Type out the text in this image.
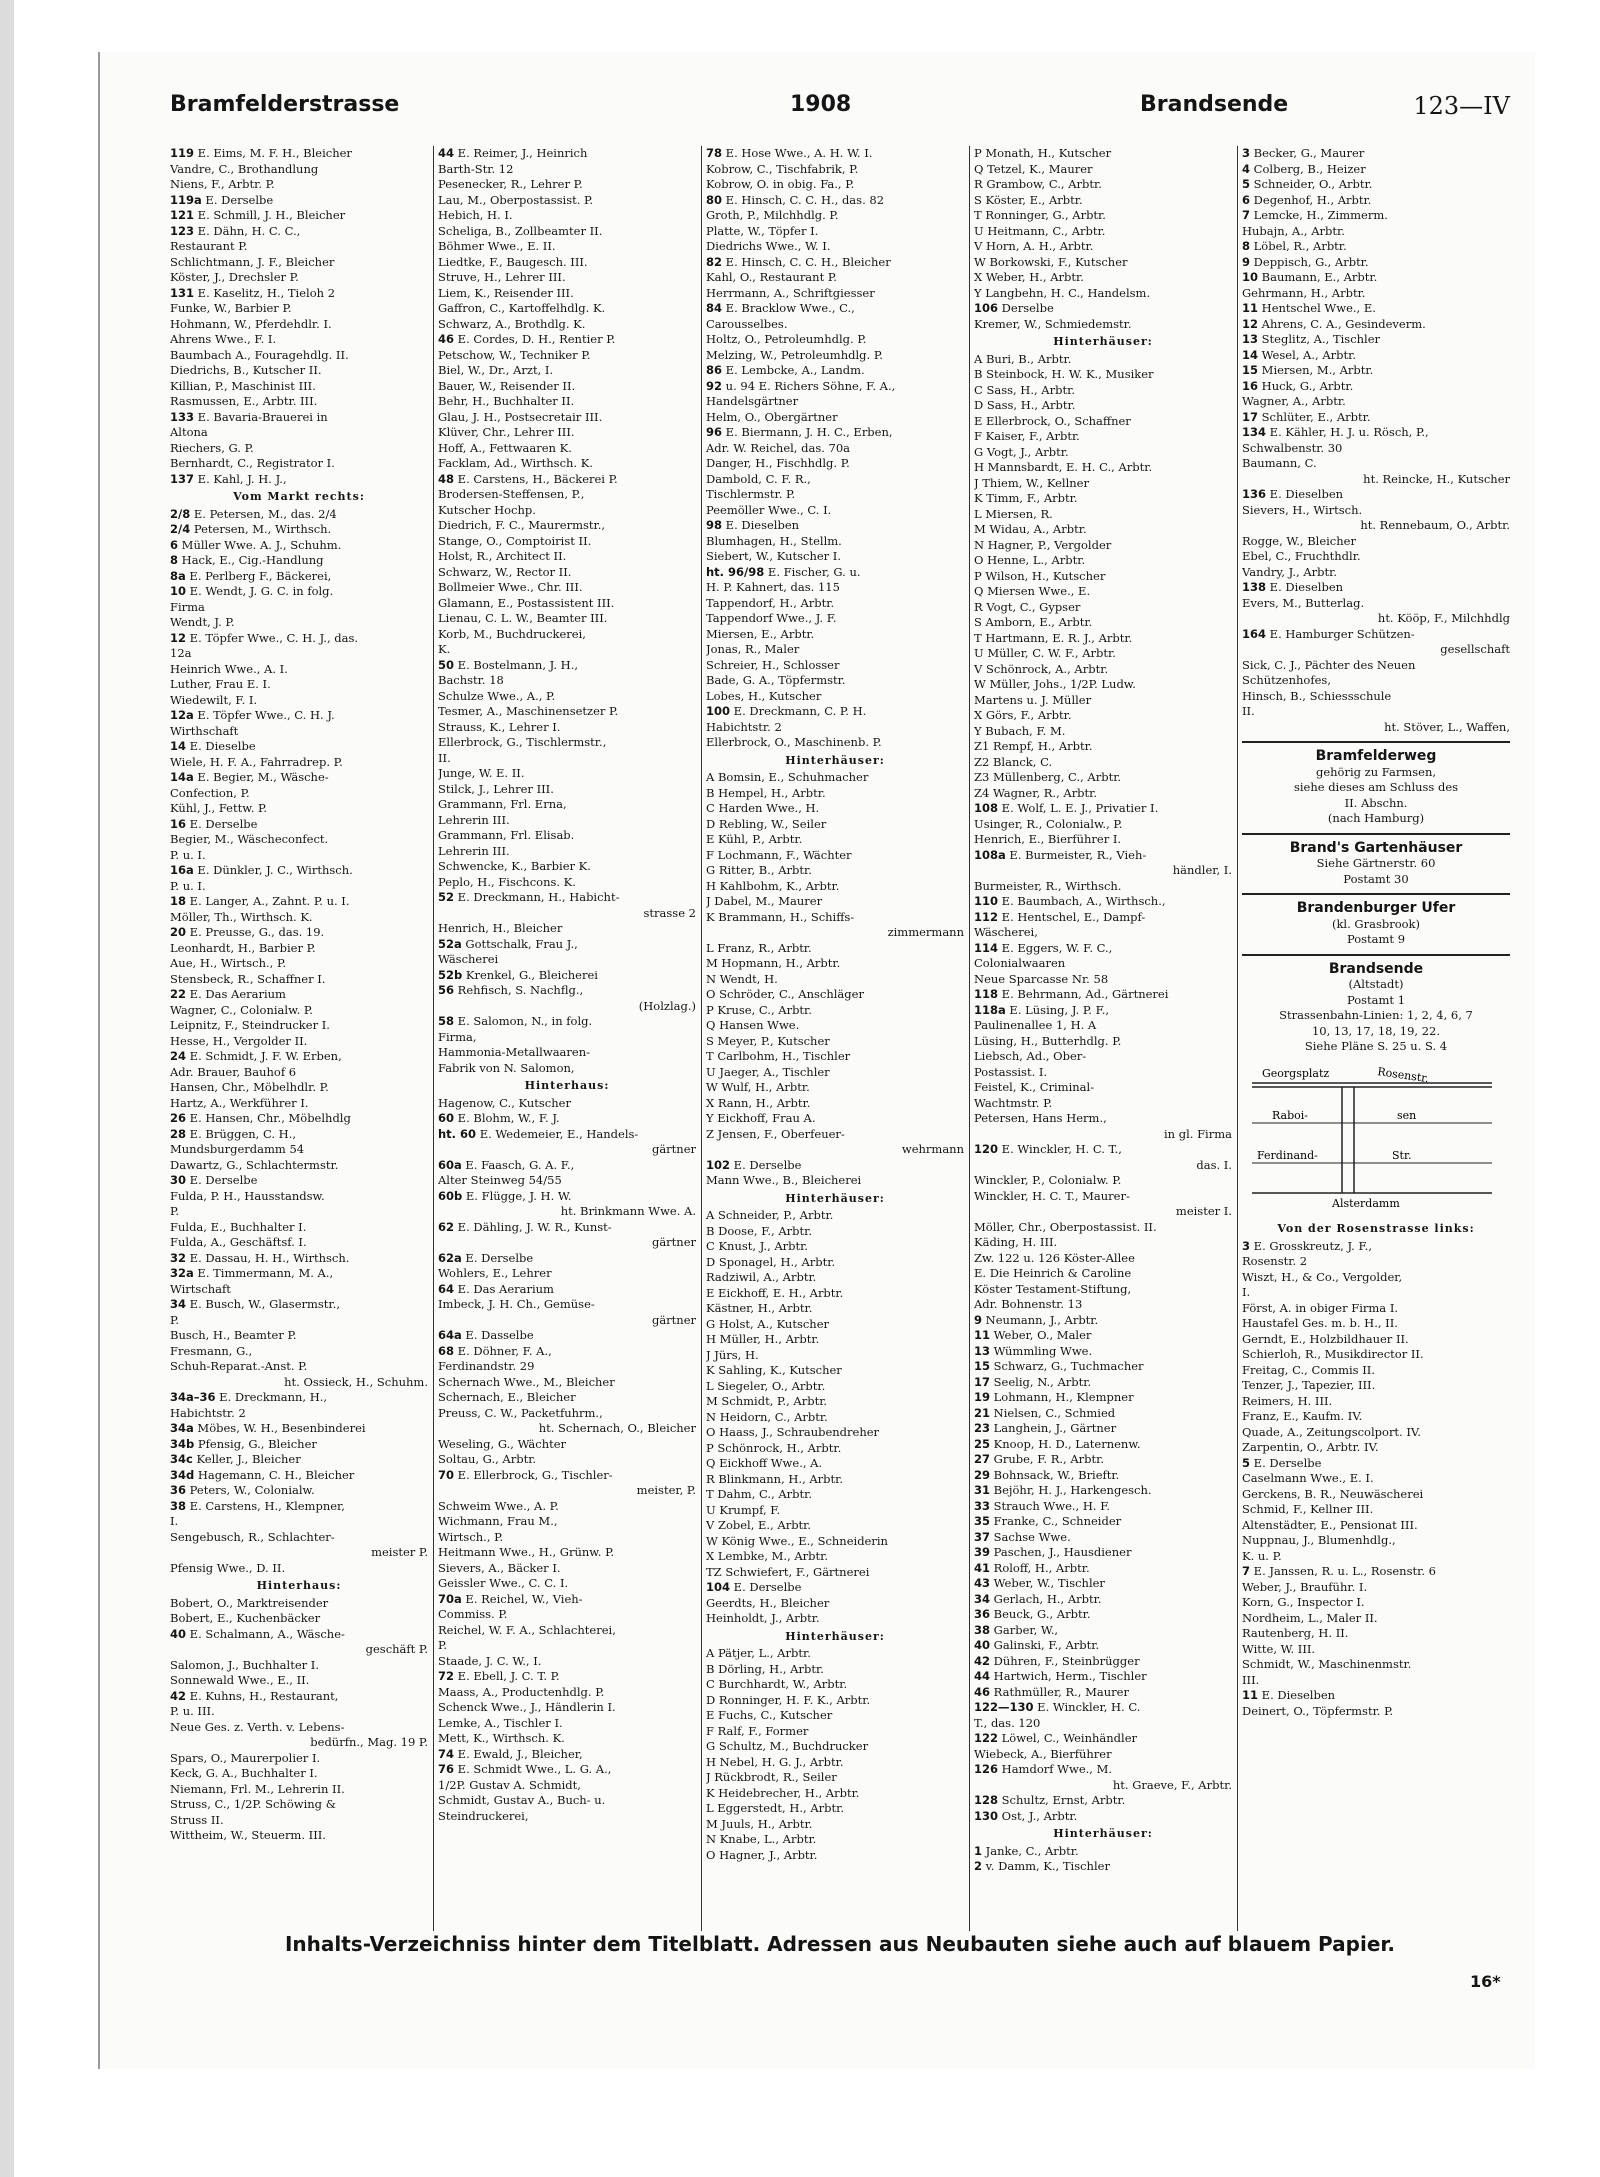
Bramfelderstrasse	1908	Brandsende	123—IV
119 E. Eims, M. F. H., Bleicher
Vandre, C., Brothandlung
Niens, F., Arbtr. P.
119a E. Derselbe
121 E. Schmill, J. H., Bleicher
123 E. Dähn, H. C. C.,
Restaurant P.
Schlichtmann, J. F., Bleicher
Köster, J., Drechsler P.
131 E. Kaselitz, H., Tieloh 2
Funke, W., Barbier P.
Hohmann, W., Pferdehdlr. I.
Ahrens Wwe., F. I.
Baumbach A., Fouragehdlg. II.
Diedrichs, B., Kutscher II.
Killian, P., Maschinist III.
Rasmussen, E., Arbtr. III.
133 E. Bavaria-Brauerei in
Altona
Riechers, G. P.
Bernhardt, C., Registrator I.
137 E. Kahl, J. H. J.,
Vom Markt rechts:
2/8 E. Petersen, M., das. 2/4
2/4 Petersen, M., Wirthsch.
6 Müller Wwe. A. J., Schuhm.
8 Hack, E., Cig.-Handlung
8a E. Perlberg F., Bäckerei,
10 E. Wendt, J. G. C. in folg.
Firma
Wendt, J. P.
12 E. Töpfer Wwe., C. H. J., das.
12a
Heinrich Wwe., A. I.
Luther, Frau E. I.
Wiedewilt, F. I.
12a E. Töpfer Wwe., C. H. J.
Wirthschaft
14 E. Dieselbe
Wiele, H. F. A., Fahrradrep. P.
14a E. Begier, M., Wäsche-
Confection, P.
Kühl, J., Fettw. P.
16 E. Derselbe
Begier, M., Wäscheconfect.
P. u. I.
16a E. Dünkler, J. C., Wirthsch.
P. u. I.
18 E. Langer, A., Zahnt. P. u. I.
Möller, Th., Wirthsch. K.
20 E. Preusse, G., das. 19.
Leonhardt, H., Barbier P.
Aue, H., Wirtsch., P.
Stensbeck, R., Schaffner I.
22 E. Das Aerarium
Wagner, C., Colonialw. P.
Leipnitz, F., Steindrucker I.
Hesse, H., Vergolder II.
24 E. Schmidt, J. F. W. Erben,
Adr. Brauer, Bauhof 6
Hansen, Chr., Möbelhdlr. P.
Hartz, A., Werkführer I.
26 E. Hansen, Chr., Möbelhdlg
28 E. Brüggen, C. H.,
Mundsburgerdamm 54
Dawartz, G., Schlachtermstr.
30 E. Derselbe
Fulda, P. H., Hausstandsw.
P.
Fulda, E., Buchhalter I.
Fulda, A., Geschäftsf. I.
32 E. Dassau, H. H., Wirthsch.
32a E. Timmermann, M. A.,
Wirtschaft
34 E. Busch, W., Glasermstr.,
P.
Busch, H., Beamter P.
Fresmann, G.,
Schuh-Reparat.-Anst. P.
ht. Ossieck, H., Schuhm.
34a–36 E. Dreckmann, H.,
Habichtstr. 2
34a Möbes, W. H., Besenbinderei
34b Pfensig, G., Bleicher
34c Keller, J., Bleicher
34d Hagemann, C. H., Bleicher
36 Peters, W., Colonialw.
38 E. Carstens, H., Klempner,
I.
Sengebusch, R., Schlachter-
meister P.
Pfensig Wwe., D. II.
Hinterhaus:
Bobert, O., Marktreisender
Bobert, E., Kuchenbäcker
40 E. Schalmann, A., Wäsche-
geschäft P.
Salomon, J., Buchhalter I.
Sonnewald Wwe., E., II.
42 E. Kuhns, H., Restaurant,
P. u. III.
Neue Ges. z. Verth. v. Lebens-
bedürfn., Mag. 19 P.
Spars, O., Maurerpolier I.
Keck, G. A., Buchhalter I.
Niemann, Frl. M., Lehrerin II.
Struss, C., 1/2P. Schöwing &
Struss II.
Wittheim, W., Steuerm. III.
44 E. Reimer, J., Heinrich
Barth-Str. 12
Pesenecker, R., Lehrer P.
Lau, M., Oberpostassist. P.
Hebich, H. I.
Scheliga, B., Zollbeamter II.
Böhmer Wwe., E. II.
Liedtke, F., Baugesch. III.
Struve, H., Lehrer III.
Liem, K., Reisender III.
Gaffron, C., Kartoffelhdlg. K.
Schwarz, A., Brothdlg. K.
46 E. Cordes, D. H., Rentier P.
Petschow, W., Techniker P.
Biel, W., Dr., Arzt, I.
Bauer, W., Reisender II.
Behr, H., Buchhalter II.
Glau, J. H., Postsecretair III.
Klüver, Chr., Lehrer III.
Hoff, A., Fettwaaren K.
Facklam, Ad., Wirthsch. K.
48 E. Carstens, H., Bäckerei P.
Brodersen-Steffensen, P.,
Kutscher Hochp.
Diedrich, F. C., Maurermstr.,
Stange, O., Comptoirist II.
Holst, R., Architect II.
Schwarz, W., Rector II.
Bollmeier Wwe., Chr. III.
Glamann, E., Postassistent III.
Lienau, C. L. W., Beamter III.
Korb, M., Buchdruckerei,
K.
50 E. Bostelmann, J. H.,
Bachstr. 18
Schulze Wwe., A., P.
Tesmer, A., Maschinensetzer P.
Strauss, K., Lehrer I.
Ellerbrock, G., Tischlermstr.,
II.
Junge, W. E. II.
Stilck, J., Lehrer III.
Grammann, Frl. Erna,
Lehrerin III.
Grammann, Frl. Elisab.
Lehrerin III.
Schwencke, K., Barbier K.
Peplo, H., Fischcons. K.
52 E. Dreckmann, H., Habicht-
strasse 2
Henrich, H., Bleicher
52a Gottschalk, Frau J.,
Wäscherei
52b Krenkel, G., Bleicherei
56 Rehfisch, S. Nachflg.,
(Holzlag.)
58 E. Salomon, N., in folg.
Firma,
Hammonia-Metallwaaren-
Fabrik von N. Salomon,
Hinterhaus:
Hagenow, C., Kutscher
60 E. Blohm, W., F. J.
ht. 60 E. Wedemeier, E., Handels-
gärtner
60a E. Faasch, G. A. F.,
Alter Steinweg 54/55
60b E. Flügge, J. H. W.
ht. Brinkmann Wwe. A.
62 E. Dähling, J. W. R., Kunst-
gärtner
62a E. Derselbe
Wohlers, E., Lehrer
64 E. Das Aerarium
Imbeck, J. H. Ch., Gemüse-
gärtner
64a E. Dasselbe
68 E. Döhner, F. A.,
Ferdinandstr. 29
Schernach Wwe., M., Bleicher
Schernach, E., Bleicher
Preuss, C. W., Packetfuhrm.,
ht. Schernach, O., Bleicher
Weseling, G., Wächter
Soltau, G., Arbtr.
70 E. Ellerbrock, G., Tischler-
meister, P.
Schweim Wwe., A. P.
Wichmann, Frau M.,
Wirtsch., P.
Heitmann Wwe., H., Grünw. P.
Sievers, A., Bäcker I.
Geissler Wwe., C. C. I.
70a E. Reichel, W., Vieh-
Commiss. P.
Reichel, W. F. A., Schlachterei,
P.
Staade, J. C. W., I.
72 E. Ebell, J. C. T. P.
Maass, A., Productenhdlg. P.
Schenck Wwe., J., Händlerin I.
Lemke, A., Tischler I.
Mett, K., Wirthsch. K.
74 E. Ewald, J., Bleicher,
76 E. Schmidt Wwe., L. G. A.,
1/2P. Gustav A. Schmidt,
Schmidt, Gustav A., Buch- u.
Steindruckerei,
78 E. Hose Wwe., A. H. W. I.
Kobrow, C., Tischfabrik, P.
Kobrow, O. in obig. Fa., P.
80 E. Hinsch, C. C. H., das. 82
Groth, P., Milchhdlg. P.
Platte, W., Töpfer I.
Diedrichs Wwe., W. I.
82 E. Hinsch, C. C. H., Bleicher
Kahl, O., Restaurant P.
Herrmann, A., Schriftgiesser
84 E. Bracklow Wwe., C.,
Carousselbes.
Holtz, O., Petroleumhdlg. P.
Melzing, W., Petroleumhdlg. P.
86 E. Lembcke, A., Landm.
92 u. 94 E. Richers Söhne, F. A.,
Handelsgärtner
Helm, O., Obergärtner
96 E. Biermann, J. H. C., Erben,
Adr. W. Reichel, das. 70a
Danger, H., Fischhdlg. P.
Dambold, C. F. R.,
Tischlermstr. P.
Peemöller Wwe., C. I.
98 E. Dieselben
Blumhagen, H., Stellm.
Siebert, W., Kutscher I.
ht. 96/98 E. Fischer, G. u.
H. P. Kahnert, das. 115
Tappendorf, H., Arbtr.
Tappendorf Wwe., J. F.
Miersen, E., Arbtr.
Jonas, R., Maler
Schreier, H., Schlosser
Bade, G. A., Töpfermstr.
Lobes, H., Kutscher
100 E. Dreckmann, C. P. H.
Habichtstr. 2
Ellerbrock, O., Maschinenb. P.
Hinterhäuser:
A Bomsin, E., Schuhmacher
B Hempel, H., Arbtr.
C Harden Wwe., H.
D Rebling, W., Seiler
E Kühl, P., Arbtr.
F Lochmann, F., Wächter
G Ritter, B., Arbtr.
H Kahlbohm, K., Arbtr.
J Dabel, M., Maurer
K Brammann, H., Schiffs-
zimmermann
L Franz, R., Arbtr.
M Hopmann, H., Arbtr.
N Wendt, H.
O Schröder, C., Anschläger
P Kruse, C., Arbtr.
Q Hansen Wwe.
S Meyer, P., Kutscher
T Carlbohm, H., Tischler
U Jaeger, A., Tischler
W Wulf, H., Arbtr.
X Rann, H., Arbtr.
Y Eickhoff, Frau A.
Z Jensen, F., Oberfeuer-
wehrmann
102 E. Derselbe
Mann Wwe., B., Bleicherei
Hinterhäuser:
A Schneider, P., Arbtr.
B Doose, F., Arbtr.
C Knust, J., Arbtr.
D Sponagel, H., Arbtr.
Radziwil, A., Arbtr.
E Eickhoff, E. H., Arbtr.
Kästner, H., Arbtr.
G Holst, A., Kutscher
H Müller, H., Arbtr.
J Jürs, H.
K Sahling, K., Kutscher
L Siegeler, O., Arbtr.
M Schmidt, P., Arbtr.
N Heidorn, C., Arbtr.
O Haass, J., Schraubendreher
P Schönrock, H., Arbtr.
Q Eickhoff Wwe., A.
R Blinkmann, H., Arbtr.
T Dahm, C., Arbtr.
U Krumpf, F.
V Zobel, E., Arbtr.
W König Wwe., E., Schneiderin
X Lembke, M., Arbtr.
TZ Schwiefert, F., Gärtnerei
104 E. Derselbe
Geerdts, H., Bleicher
Heinholdt, J., Arbtr.
Hinterhäuser:
A Pätjer, L., Arbtr.
B Dörling, H., Arbtr.
C Burchhardt, W., Arbtr.
D Ronninger, H. F. K., Arbtr.
E Fuchs, C., Kutscher
F Ralf, F., Former
G Schultz, M., Buchdrucker
H Nebel, H. G. J., Arbtr.
J Rückbrodt, R., Seiler
K Heidebrecher, H., Arbtr.
L Eggerstedt, H., Arbtr.
M Juuls, H., Arbtr.
N Knabe, L., Arbtr.
O Hagner, J., Arbtr.
P Monath, H., Kutscher
Q Tetzel, K., Maurer
R Grambow, C., Arbtr.
S Köster, E., Arbtr.
T Ronninger, G., Arbtr.
U Heitmann, C., Arbtr.
V Horn, A. H., Arbtr.
W Borkowski, F., Kutscher
X Weber, H., Arbtr.
Y Langbehn, H. C., Handelsm.
106 Derselbe
Kremer, W., Schmiedemstr.
Hinterhäuser:
A Buri, B., Arbtr.
B Steinbock, H. W. K., Musiker
C Sass, H., Arbtr.
D Sass, H., Arbtr.
E Ellerbrock, O., Schaffner
F Kaiser, F., Arbtr.
G Vogt, J., Arbtr.
H Mannsbardt, E. H. C., Arbtr.
J Thiem, W., Kellner
K Timm, F., Arbtr.
L Miersen, R.
M Widau, A., Arbtr.
N Hagner, P., Vergolder
O Henne, L., Arbtr.
P Wilson, H., Kutscher
Q Miersen Wwe., E.
R Vogt, C., Gypser
S Amborn, E., Arbtr.
T Hartmann, E. R. J., Arbtr.
U Müller, C. W. F., Arbtr.
V Schönrock, A., Arbtr.
W Müller, Johs., 1/2P. Ludw.
Martens u. J. Müller
X Görs, F., Arbtr.
Y Bubach, F. M.
Z1 Rempf, H., Arbtr.
Z2 Blanck, C.
Z3 Müllenberg, C., Arbtr.
Z4 Wagner, R., Arbtr.
108 E. Wolf, L. E. J., Privatier I.
Usinger, R., Colonialw., P.
Henrich, E., Bierführer I.
108a E. Burmeister, R., Vieh-
händler, I.
Burmeister, R., Wirthsch.
110 E. Baumbach, A., Wirthsch.,
112 E. Hentschel, E., Dampf-
Wäscherei,
114 E. Eggers, W. F. C.,
Colonialwaaren
Neue Sparcasse Nr. 58
118 E. Behrmann, Ad., Gärtnerei
118a E. Lüsing, J. P. F.,
Paulinenallee 1, H. A
Lüsing, H., Butterhdlg. P.
Liebsch, Ad., Ober-
Postassist. I.
Feistel, K., Criminal-
Wachtmstr. P.
Petersen, Hans Herm.,
in gl. Firma
120 E. Winckler, H. C. T.,
das. I.
Winckler, P., Colonialw. P.
Winckler, H. C. T., Maurer-
meister I.
Möller, Chr., Oberpostassist. II.
Käding, H. III.
Zw. 122 u. 126 Köster-Allee
E. Die Heinrich & Caroline
Köster Testament-Stiftung,
Adr. Bohnenstr. 13
9 Neumann, J., Arbtr.
11 Weber, O., Maler
13 Wümmling Wwe.
15 Schwarz, G., Tuchmacher
17 Seelig, N., Arbtr.
19 Lohmann, H., Klempner
21 Nielsen, C., Schmied
23 Langhein, J., Gärtner
25 Knoop, H. D., Laternenw.
27 Grube, F. R., Arbtr.
29 Bohnsack, W., Brieftr.
31 Bejöhr, H. J., Harkengesch.
33 Strauch Wwe., H. F.
35 Franke, C., Schneider
37 Sachse Wwe.
39 Paschen, J., Hausdiener
41 Roloff, H., Arbtr.
43 Weber, W., Tischler
34 Gerlach, H., Arbtr.
36 Beuck, G., Arbtr.
38 Garber, W.,
40 Galinski, F., Arbtr.
42 Dühren, F., Steinbrügger
44 Hartwich, Herm., Tischler
46 Rathmüller, R., Maurer
122—130 E. Winckler, H. C.
T., das. 120
122 Löwel, C., Weinhändler
Wiebeck, A., Bierführer
126 Hamdorf Wwe., M.
ht. Graeve, F., Arbtr.
128 Schultz, Ernst, Arbtr.
130 Ost, J., Arbtr.
Hinterhäuser:
1 Janke, C., Arbtr.
2 v. Damm, K., Tischler
3 Becker, G., Maurer
4 Colberg, B., Heizer
5 Schneider, O., Arbtr.
6 Degenhof, H., Arbtr.
7 Lemcke, H., Zimmerm.
Hubajn, A., Arbtr.
8 Löbel, R., Arbtr.
9 Deppisch, G., Arbtr.
10 Baumann, E., Arbtr.
Gehrmann, H., Arbtr.
11 Hentschel Wwe., E.
12 Ahrens, C. A., Gesindeverm.
13 Steglitz, A., Tischler
14 Wesel, A., Arbtr.
15 Miersen, M., Arbtr.
16 Huck, G., Arbtr.
Wagner, A., Arbtr.
17 Schlüter, E., Arbtr.
134 E. Kähler, H. J. u. Rösch, P.,
Schwalbenstr. 30
Baumann, C.
ht. Reincke, H., Kutscher
136 E. Dieselben
Sievers, H., Wirtsch.
ht. Rennebaum, O., Arbtr.
Rogge, W., Bleicher
Ebel, C., Fruchthdlr.
Vandry, J., Arbtr.
138 E. Dieselben
Evers, M., Butterlag.
ht. Kööp, F., Milchhdlg
164 E. Hamburger Schützen-
gesellschaft
Sick, C. J., Pächter des Neuen
Schützenhofes,
Hinsch, B., Schiessschule
II.
ht. Stöver, L., Waffen,
Bramfelderweg
gehörig zu Farmsen,
siehe dieses am Schluss des
II. Abschn.
(nach Hamburg)
Brand's Gartenhäuser
Siehe Gärtnerstr. 60
Postamt 30
Brandenburger Ufer
(kl. Grasbrook)
Postamt 9
Brandsende
(Altstadt)
Postamt 1
Strassenbahn-Linien: 1, 2, 4, 6, 7
10, 13, 17, 18, 19, 22.
Siehe Pläne S. 25 u. S. 4
Georgsplatz	Rosenstr.
Raboi-	sen
Ferdinand-	Str.
Alsterdamm
Von der Rosenstrasse links:
3 E. Grosskreutz, J. F.,
Rosenstr. 2
Wiszt, H., & Co., Vergolder,
I.
Först, A. in obiger Firma I.
Haustafel Ges. m. b. H., II.
Gerndt, E., Holzbildhauer II.
Schierloh, R., Musikdirector II.
Freitag, C., Commis II.
Tenzer, J., Tapezier, III.
Reimers, H. III.
Franz, E., Kaufm. IV.
Quade, A., Zeitungscolport. IV.
Zarpentin, O., Arbtr. IV.
5 E. Derselbe
Caselmann Wwe., E. I.
Gerckens, B. R., Neuwäscherei
Schmid, F., Kellner III.
Altenstädter, E., Pensionat III.
Nuppnau, J., Blumenhdlg.,
K. u. P.
7 E. Janssen, R. u. L., Rosenstr. 6
Weber, J., Brauführ. I.
Korn, G., Inspector I.
Nordheim, L., Maler II.
Rautenberg, H. II.
Witte, W. III.
Schmidt, W., Maschinenmstr.
III.
11 E. Dieselben
Deinert, O., Töpfermstr. P.
Inhalts-Verzeichniss hinter dem Titelblatt. Adressen aus Neubauten siehe auch auf blauem Papier.
16*
